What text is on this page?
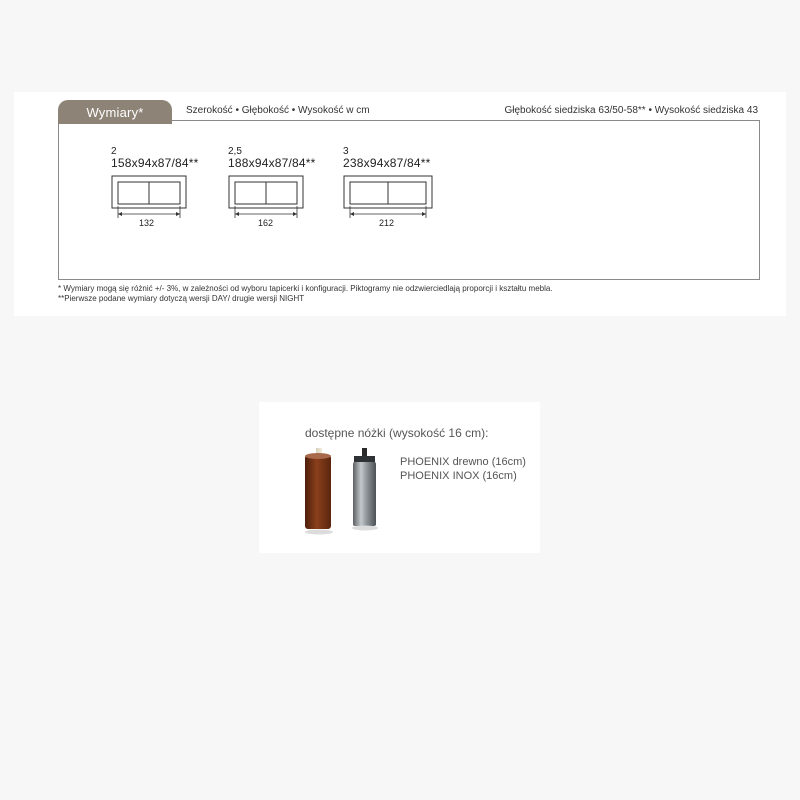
Wymiary*	Szerokość • Głębokość • Wysokość w cm	Głębokość siedziska 63/50-58** • Wysokość siedziska 43
2
158x94x87/84**
132
2,5
188x94x87/84**
162
3
238x94x87/84**
212
* Wymiary mogą się różnić +/- 3%, w zależności od wyboru tapicerki i konfiguracji. Piktogramy nie odzwierciedlają proporcji i kształtu mebla.
**Pierwsze podane wymiary dotyczą wersji DAY/ drugie wersji NIGHT
dostępne nóżki (wysokość 16 cm):
PHOENIX drewno (16cm)
PHOENIX INOX (16cm)
